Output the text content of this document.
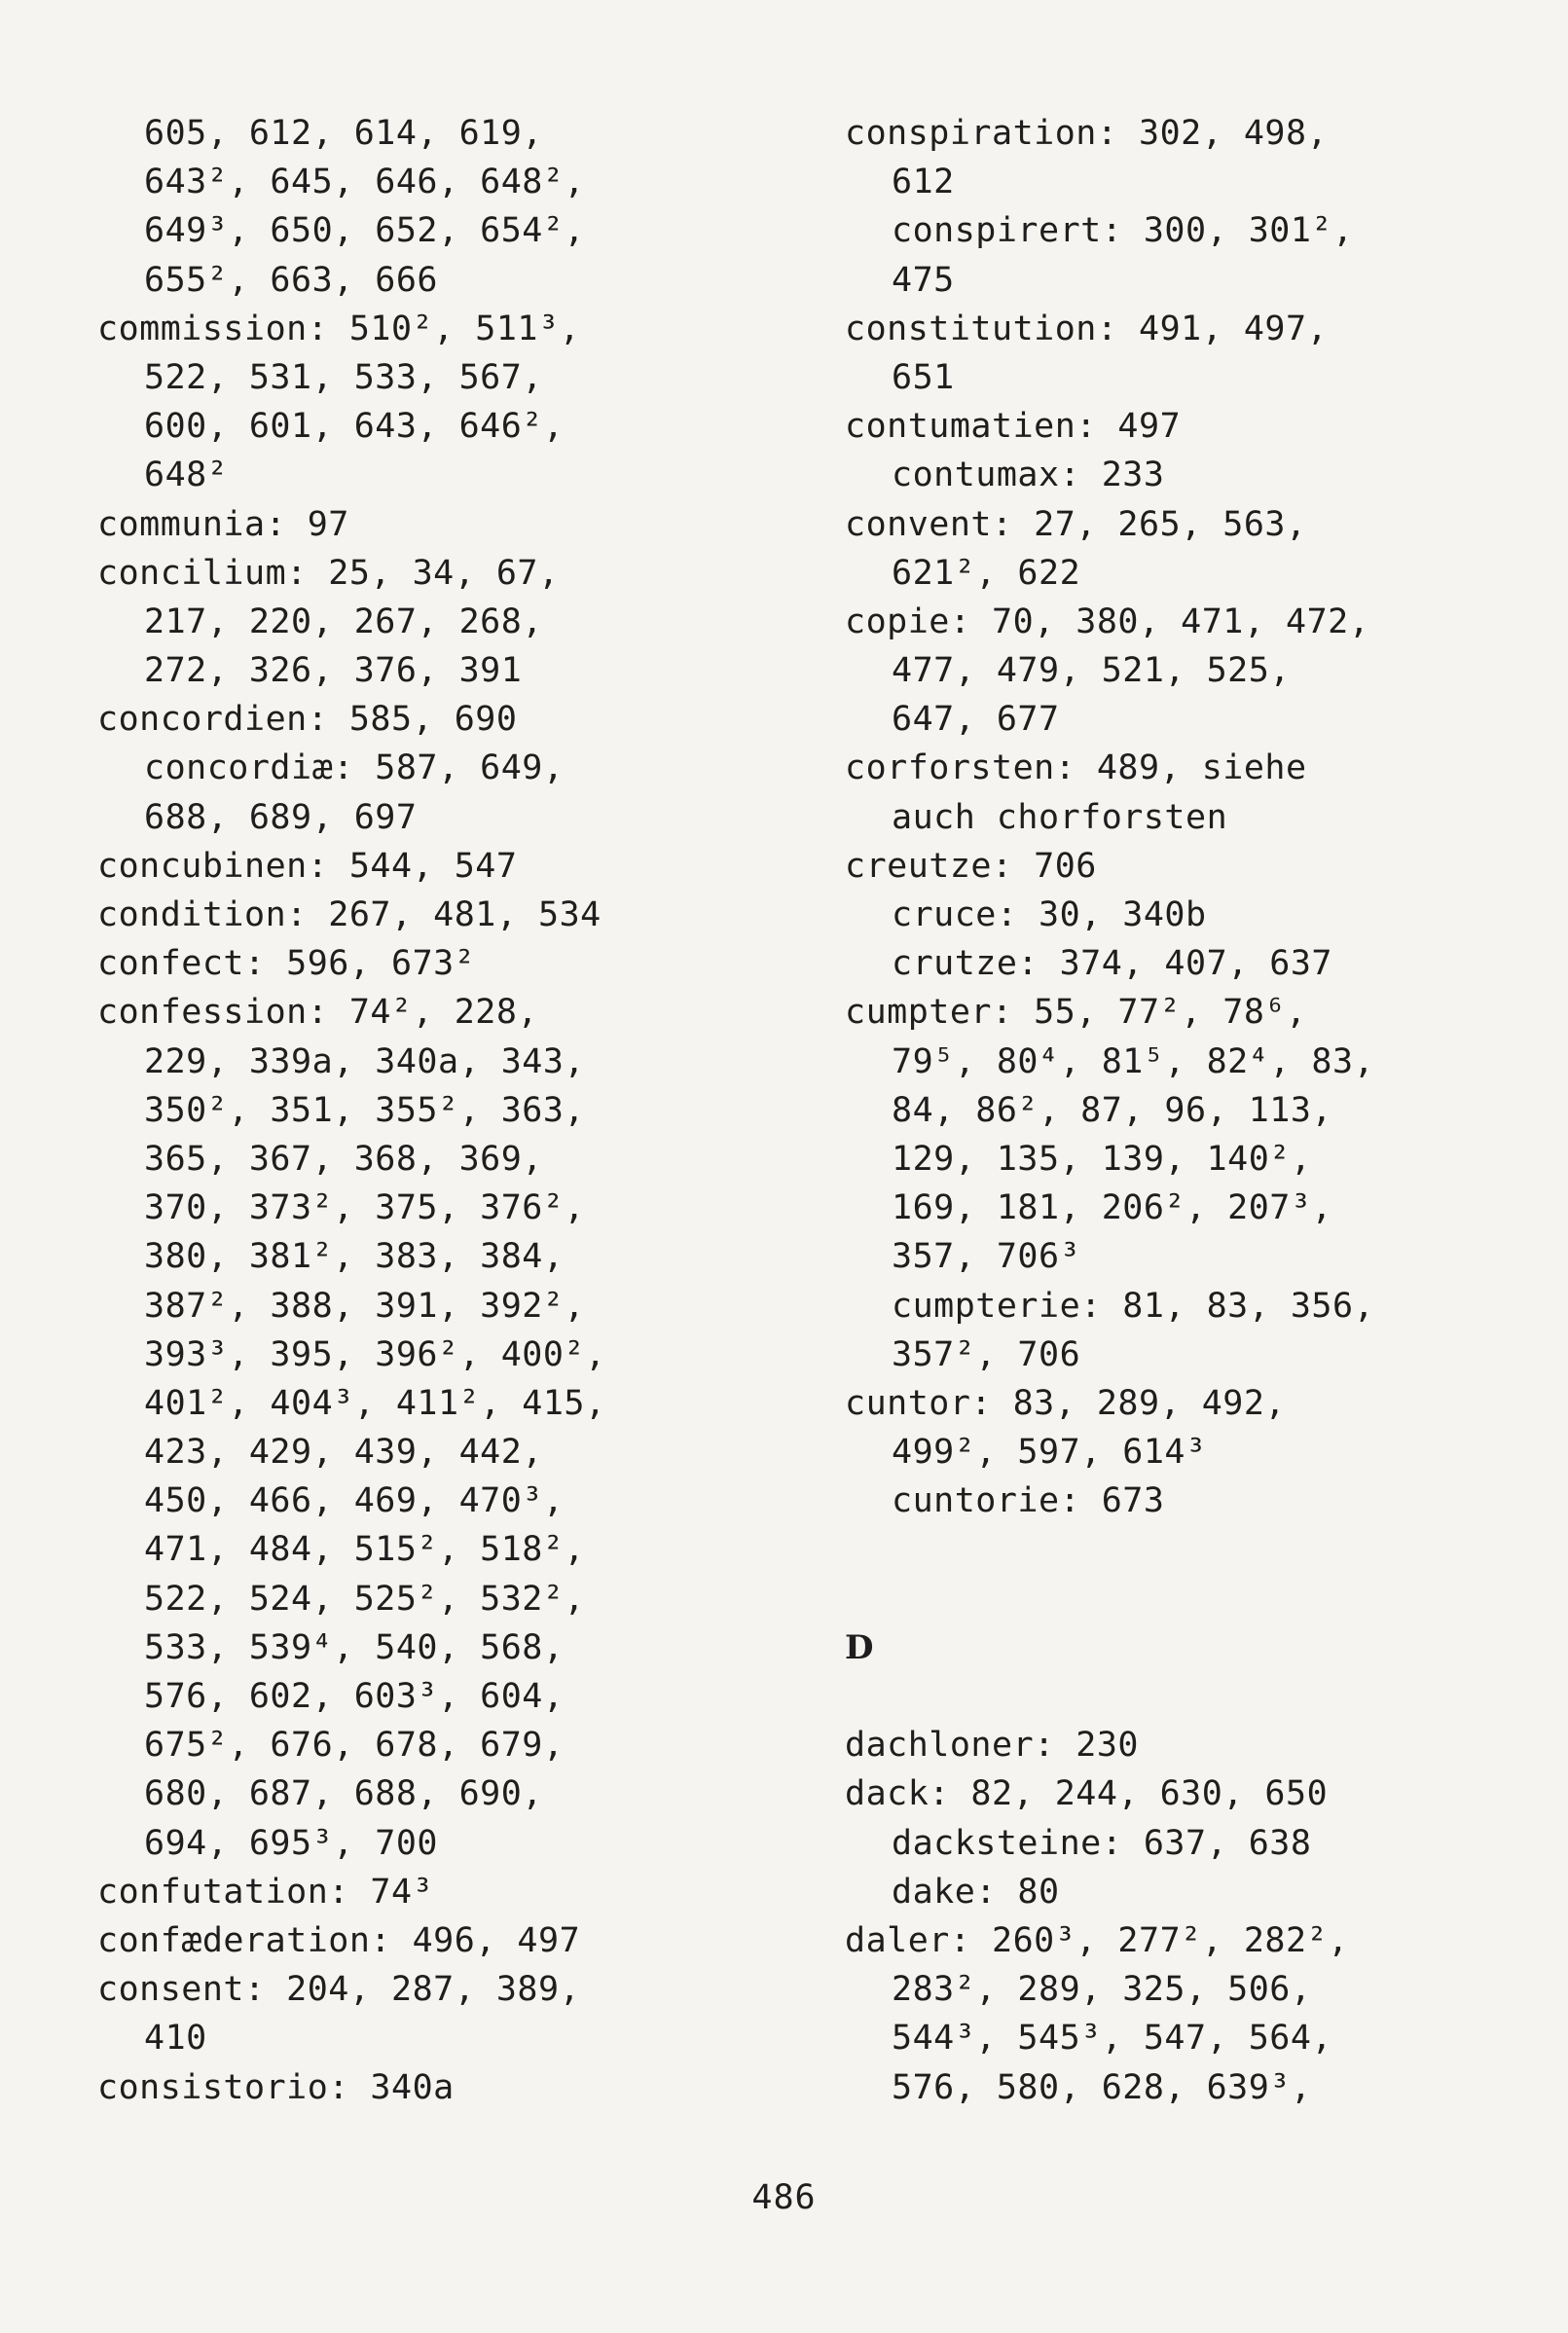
605, 612, 614, 619,
643², 645, 646, 648²,
649³, 650, 652, 654²,
655², 663, 666
commission: 510², 511³,
522, 531, 533, 567,
600, 601, 643, 646²,
648²
communia: 97
concilium: 25, 34, 67,
217, 220, 267, 268,
272, 326, 376, 391
concordien: 585, 690
concordiæ: 587, 649,
688, 689, 697
concubinen: 544, 547
condition: 267, 481, 534
confect: 596, 673²
confession: 74², 228,
229, 339a, 340a, 343,
350², 351, 355², 363,
365, 367, 368, 369,
370, 373², 375, 376²,
380, 381², 383, 384,
387², 388, 391, 392²,
393³, 395, 396², 400²,
401², 404³, 411², 415,
423, 429, 439, 442,
450, 466, 469, 470³,
471, 484, 515², 518²,
522, 524, 525², 532²,
533, 539⁴, 540, 568,
576, 602, 603³, 604,
675², 676, 678, 679,
680, 687, 688, 690,
694, 695³, 700
confutation: 74³
confæderation: 496, 497
consent: 204, 287, 389,
410
consistorio: 340a
conspiration: 302, 498,
612
conspirert: 300, 301²,
475
constitution: 491, 497,
651
contumatien: 497
contumax: 233
convent: 27, 265, 563,
621², 622
copie: 70, 380, 471, 472,
477, 479, 521, 525,
647, 677
corforsten: 489, siehe
auch chorforsten
creutze: 706
cruce: 30, 340b
crutze: 374, 407, 637
cumpter: 55, 77², 78⁶,
79⁵, 80⁴, 81⁵, 82⁴, 83,
84, 86², 87, 96, 113,
129, 135, 139, 140²,
169, 181, 206², 207³,
357, 706³
cumpterie: 81, 83, 356,
357², 706
cuntor: 83, 289, 492,
499², 597, 614³
cuntorie: 673
D
dachloner: 230
dack: 82, 244, 630, 650
dacksteine: 637, 638
dake: 80
daler: 260³, 277², 282²,
283², 289, 325, 506,
544³, 545³, 547, 564,
576, 580, 628, 639³,
486
